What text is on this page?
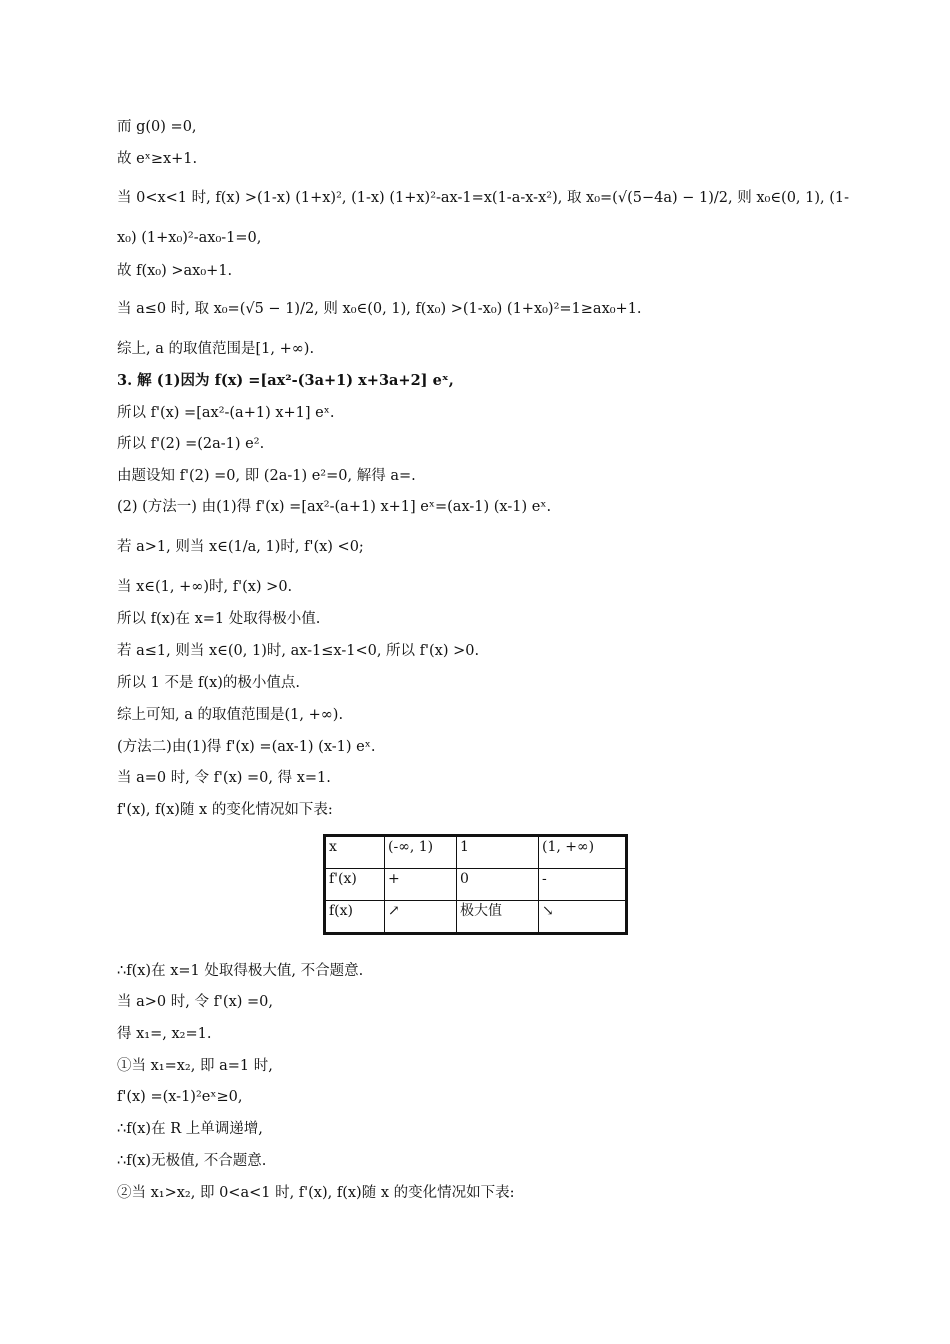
而 g(0) =0,
故 eˣ≥x+1.
当 0<x<1 时, f(x) >(1-x) (1+x)², (1-x) (1+x)²-ax-1=x(1-a-x-x²), 取 x₀=(√(5−4a) − 1)/2, 则 x₀∈(0, 1), (1-
x₀) (1+x₀)²-ax₀-1=0,
故 f(x₀) >ax₀+1.
当 a≤0 时, 取 x₀=(√5 − 1)/2, 则 x₀∈(0, 1), f(x₀) >(1-x₀) (1+x₀)²=1≥ax₀+1.
综上, a 的取值范围是[1, +∞).
3. 解 (1)因为 f(x) =[ax²-(3a+1) x+3a+2] eˣ,
所以 f'(x) =[ax²-(a+1) x+1] eˣ.
所以 f'(2) =(2a-1) e².
由题设知 f'(2) =0, 即 (2a-1) e²=0, 解得 a=.
(2) (方法一) 由(1)得 f'(x) =[ax²-(a+1) x+1] eˣ=(ax-1) (x-1) eˣ.
若 a>1, 则当 x∈(1/a, 1)时, f'(x) <0;
当 x∈(1, +∞)时, f'(x) >0.
所以 f(x)在 x=1 处取得极小值.
若 a≤1, 则当 x∈(0, 1)时, ax-1≤x-1<0, 所以 f'(x) >0.
所以 1 不是 f(x)的极小值点.
综上可知, a 的取值范围是(1, +∞).
(方法二)由(1)得 f'(x) =(ax-1) (x-1) eˣ.
当 a=0 时, 令 f'(x) =0, 得 x=1.
f'(x), f(x)随 x 的变化情况如下表:
∴f(x)在 x=1 处取得极大值, 不合题意.
当 a>0 时, 令 f'(x) =0,
得 x₁=, x₂=1.
①当 x₁=x₂, 即 a=1 时,
f'(x) =(x-1)²eˣ≥0,
∴f(x)在 R 上单调递增,
∴f(x)无极值, 不合题意.
②当 x₁>x₂, 即 0<a<1 时, f'(x), f(x)随 x 的变化情况如下表:
x	(-∞, 1)	1	(1, +∞)
f'(x)	+	0	-
f(x)	↗	极大值	↘
